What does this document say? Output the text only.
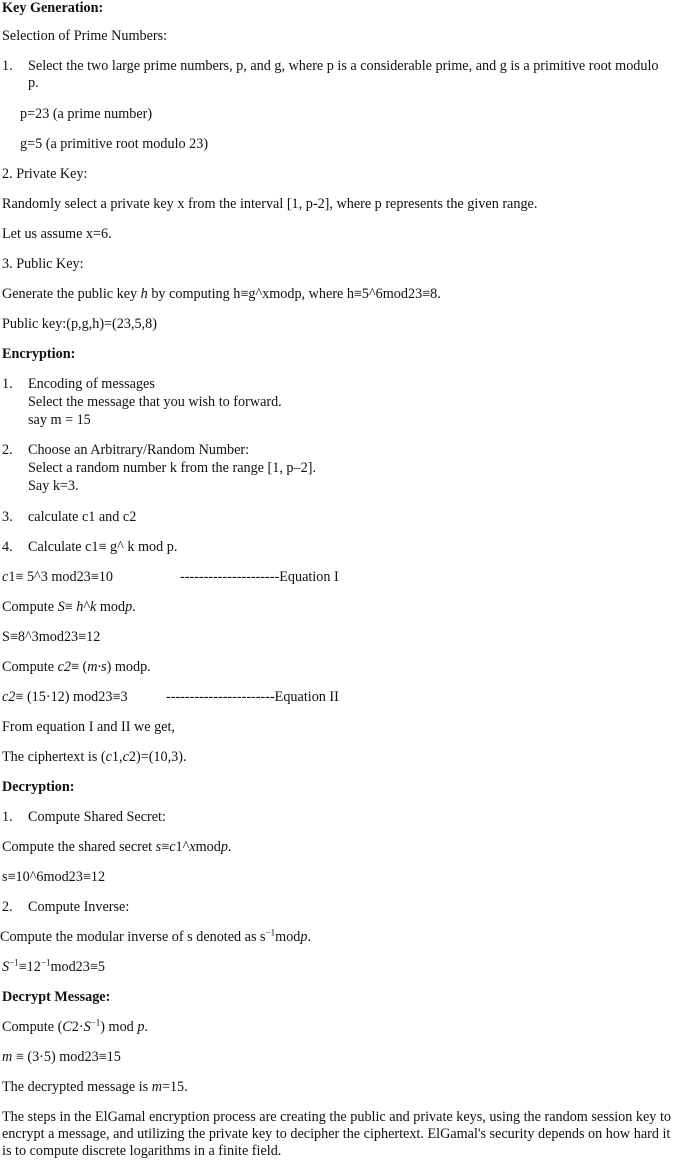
Key Generation:
Selection of Prime Numbers:
1. Select the two large prime numbers, p, and g, where p is a considerable prime, and g is a primitive root modulo
p.
p=23 (a prime number)
g=5 (a primitive root modulo 23)
2. Private Key:
Randomly select a private key x from the interval [1, p-2], where p represents the given range.
Let us assume x=6.
3. Public Key:
Generate the public key h by computing h≡g^xmodp, where h≡5^6mod23≡8.
Public key:(p,g,h)=(23,5,8)
Encryption:
1. Encoding of messages
Select the message that you wish to forward.
say m = 15
2. Choose an Arbitrary/Random Number:
Select a random number k from the range [1, p–2].
Say k=3.
3. calculate c1 and c2
4. Calculate c1≡ g^ k mod p.
c1≡ 5^3 mod23≡10	---------------------Equation I
Compute S≡ h^k modp.
S≡8^3mod23≡12
Compute c2≡ (m·s) modp.
c2≡ (15·12) mod23≡3	-----------------------Equation II
From equation I and II we get,
The ciphertext is (c1,c2)=(10,3).
Decryption:
1. Compute Shared Secret:
Compute the shared secret s≡c1^xmodp.
s≡10^6mod23≡12
2. Compute Inverse:
Compute the modular inverse of s denoted as $s^{-1}modp$.
$S^{-1}\equiv 12^{-1}mod23\equiv 5$
Decrypt Message:
Compute $(C2\cdot S^{-1})$ mod p.
m ≡ (3·5) mod23≡15
The decrypted message is m=15.
The steps in the ElGamal encryption process are creating the public and private keys, using the random session key to encrypt a message, and utilizing the private key to decipher the ciphertext. ElGamal's security depends on how hard it is to compute discrete logarithms in a finite field.
